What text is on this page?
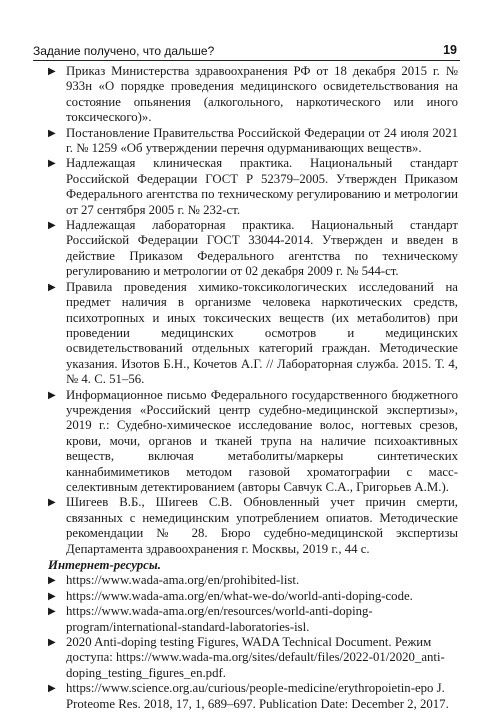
Задание получено, что дальше?	19

▶ Приказ Министерства здравоохранения РФ от 18 декабря 2015 г. № 933н «О порядке проведения медицинского освидетельствования на состояние опьянения (алкогольного, наркотического или иного токсического)».

▶ Постановление Правительства Российской Федерации от 24 июля 2021 г. № 1259 «Об утверждении перечня одурманивающих веществ».

▶ Надлежащая клиническая практика. Национальный стандарт Российской Федерации ГОСТ Р 52379–2005. Утвержден Приказом Федерального агентства по техническому регулированию и метрологии от 27 сентября 2005 г. № 232-ст.

▶ Надлежащая лабораторная практика. Национальный стандарт Российской Федерации ГОСТ 33044-2014. Утвержден и введен в действие Приказом Федерального агентства по техническому регулированию и метрологии от 02 декабря 2009 г. № 544-ст.

▶ Правила проведения химико-токсикологических исследований на предмет наличия в организме человека наркотических средств, психотропных и иных токсических веществ (их метаболитов) при проведении медицинских осмотров и медицинских освидетельствований отдельных категорий граждан. Методические указания. Изотов Б.Н., Кочетов А.Г. // Лабораторная служба. 2015. Т. 4, № 4. С. 51–56.

▶ Информационное письмо Федерального государственного бюджетного учреждения «Российский центр судебно-медицинской экспертизы», 2019 г.: Судебно-химическое исследование волос, ногтевых срезов, крови, мочи, органов и тканей трупа на наличие психоактивных веществ, включая метаболиты/маркеры синтетических каннабимиметиков методом газовой хроматографии с масс-селективным детектированием (авторы Савчук С.А., Григорьев А.М.).

▶ Шигеев В.Б., Шигеев С.В. Обновленный учет причин смерти, связанных с немедицинским употреблением опиатов. Методические рекомендации № 28. Бюро судебно-медицинской экспертизы Департамента здравоохранения г. Москвы, 2019 г., 44 с.

Интернет-ресурсы.

▶ https://www.wada-ama.org/en/prohibited-list.

▶ https://www.wada-ama.org/en/what-we-do/world-anti-doping-code.

▶ https://www.wada-ama.org/en/resources/world-anti-doping-program/international-standard-laboratories-isl.

▶ 2020 Anti-doping testing Figures, WADA Technical Document. Режим доступа: https://www.wada-ma.org/sites/default/files/2022-01/2020_anti-doping_testing_figures_en.pdf.

▶ https://www.science.org.au/curious/people-medicine/erythropoietin-epo J. Proteome Res. 2018, 17, 1, 689–697. Publication Date: December 2, 2017.
